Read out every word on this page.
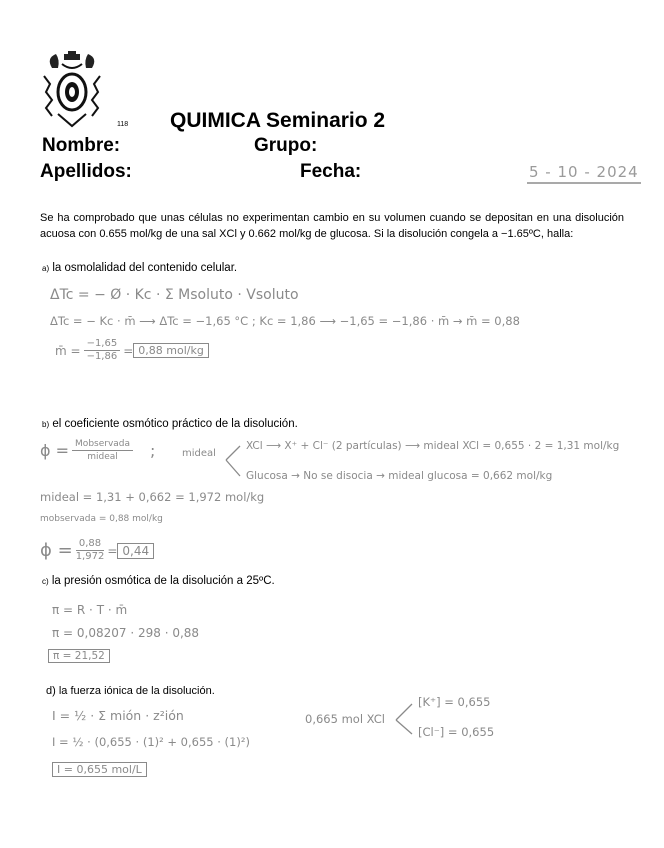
118 QUIMICA Seminario 2
Nombre:	Grupo:
Apellidos:	Fecha:	5 - 10 - 2024
Se ha comprobado que unas células no experimentan cambio en su volumen cuando se depositan en una disolución acuosa con 0.655 mol/kg de una sal XCl y 0.662 mol/kg de glucosa. Si la disolución congela a −1.65ºC, halla:
a) la osmolalidad del contenido celular.
ΔTc = − Ø · Kc · Σ Msoluto · Vsoluto
ΔTc = − Kc · m̄ ⟶ ΔTc = −1,65 °C ; Kc = 1,86 ⟶ −1,65 = −1,86 · m̄ → m̄ = 0,88
m̄ = $\frac{-1,65}{-1,86} = 0,88$ mol/kg
b) el coeficiente osmótico práctico de la disolución.
$\phi = \frac{\text{Mobservada}}{\text{mideal}}$ ;	mideal
XCl ⟶ X⁺ + Cl⁻ (2 partículas) ⟶ mideal XCl = 0,655 · 2 = 1,31 mol/kg
Glucosa → No se disocia → mideal glucosa = 0,662 mol/kg
mideal = 1,31 + 0,662 = 1,972 mol/kg
mobservada = 0,88 mol/kg
$\phi = \frac{0,88}{1,972} = 0,44$
c) la presión osmótica de la disolución a 25ºC.
π = R · T · m̄
π = 0,08207 · 298 · 0,88
π = 21,52
d) la fuerza iónica de la disolución.
I = ½ · Σ mión · z²ión
I = ½ · (0,655 · (1)² + 0,655 · (1)²)
I = 0,655 mol/L
0,665 mol XCl
[K⁺] = 0,655
[Cl⁻] = 0,655
